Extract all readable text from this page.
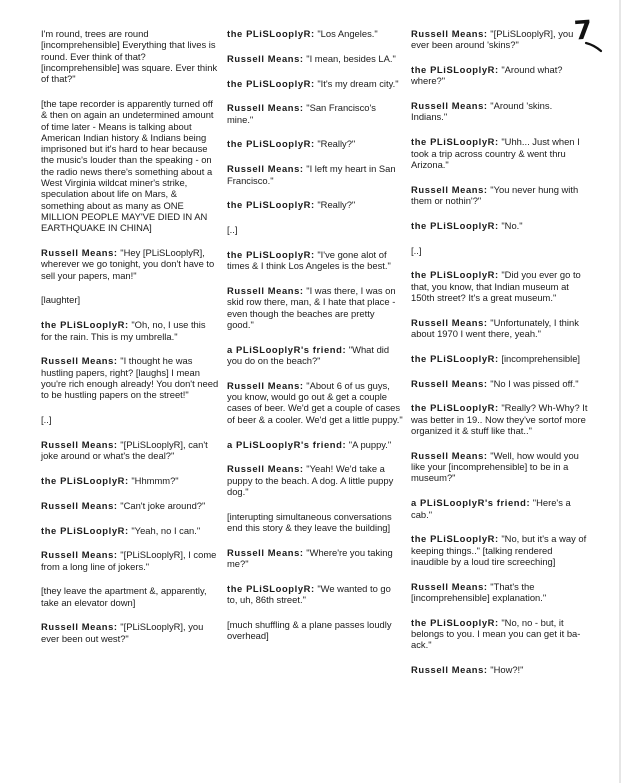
7

I'm round, trees are round [incomprehensible] Everything that lives is round. Ever think of that? [incomprehensible] was square. Ever think of that?"

[the tape recorder is apparently turned off & then on again an undetermined amount of time later - Means is talking about American Indian history & Indians being imprisoned but it's hard to hear because the music's louder than the speaking - on the radio news there's something about a West Virginia wildcat miner's strike, speculation about life on Mars, & something about as many as ONE MILLION PEOPLE MAY'VE DIED IN AN EARTHQUAKE IN CHINA]

Russell Means: "Hey [PLiSLooplyR], wherever we go tonight, you don't have to sell your papers, man!"

[laughter]

the PLiSLooplyR: "Oh, no, I use this for the rain. This is my umbrella."

Russell Means: "I thought he was hustling papers, right? [laughs] I mean you're rich enough already! You don't need to be hustling papers on the street!"

[..]

Russell Means: "[PLiSLooplyR], can't joke around or what's the deal?"

the PLiSLooplyR: "Hhmmm?"

Russell Means: "Can't joke around?"

the PLiSLooplyR: "Yeah, no I can."

Russell Means: "[PLiSLooplyR], I come from a long line of jokers."

[they leave the apartment &, apparently, take an elevator down]

Russell Means: "[PLiSLooplyR], you ever been out west?"

the PLiSLooplyR: "Los Angeles."

Russell Means: "I mean, besides LA."

the PLiSLooplyR: "It's my dream city."

Russell Means: "San Francisco's mine."

the PLiSLooplyR: "Really?"

Russell Means: "I left my heart in San Francisco."

the PLiSLooplyR: "Really?"

[..]

the PLiSLooplyR: "I've gone alot of times & I think Los Angeles is the best."

Russell Means: "I was there, I was on skid row there, man, & I hate that place - even though the beaches are pretty good."

a PLiSLooplyR's friend: "What did you do on the beach?"

Russell Means: "About 6 of us guys, you know, would go out & get a couple cases of beer. We'd get a couple of cases of beer & a cooler. We'd get a little puppy."

a PLiSLooplyR's friend: "A puppy."

Russell Means: "Yeah! We'd take a puppy to the beach. A dog. A little puppy dog."

[interupting simultaneous conversations end this story & they leave the building]

Russell Means: "Where're you taking me?"

the PLiSLooplyR: "We wanted to go to, uh, 86th street."

[much shuffling & a plane passes loudly overhead]

Russell Means: "[PLiSLooplyR], you ever been around 'skins?"

the PLiSLooplyR: "Around what? where?"

Russell Means: "Around 'skins. Indians."

the PLiSLooplyR: "Uhh... Just when I took a trip across country & went thru Arizona."

Russell Means: "You never hung with them or nothin'?"

the PLiSLooplyR: "No."

[..]

the PLiSLooplyR: "Did you ever go to that, you know, that Indian museum at 150th street? It's a great museum."

Russell Means: "Unfortunately, I think about 1970 I went there, yeah."

the PLiSLooplyR: [incomprehensible]

Russell Means: "No I was pissed off."

the PLiSLooplyR: "Really? Wh-Why? It was better in 19.. Now they've sortof more organized it & stuff like that.."

Russell Means: "Well, how would you like your [incomprehensible] to be in a museum?"

a PLiSLooplyR's friend: "Here's a cab."

the PLiSLooplyR: "No, but it's a way of keeping things.." [talking rendered inaudible by a loud tire screeching]

Russell Means: "That's the [incomprehensible] explanation."

the PLiSLooplyR: "No, no - but, it belongs to you. I mean you can get it ba-ack."

Russell Means: "How?!"
